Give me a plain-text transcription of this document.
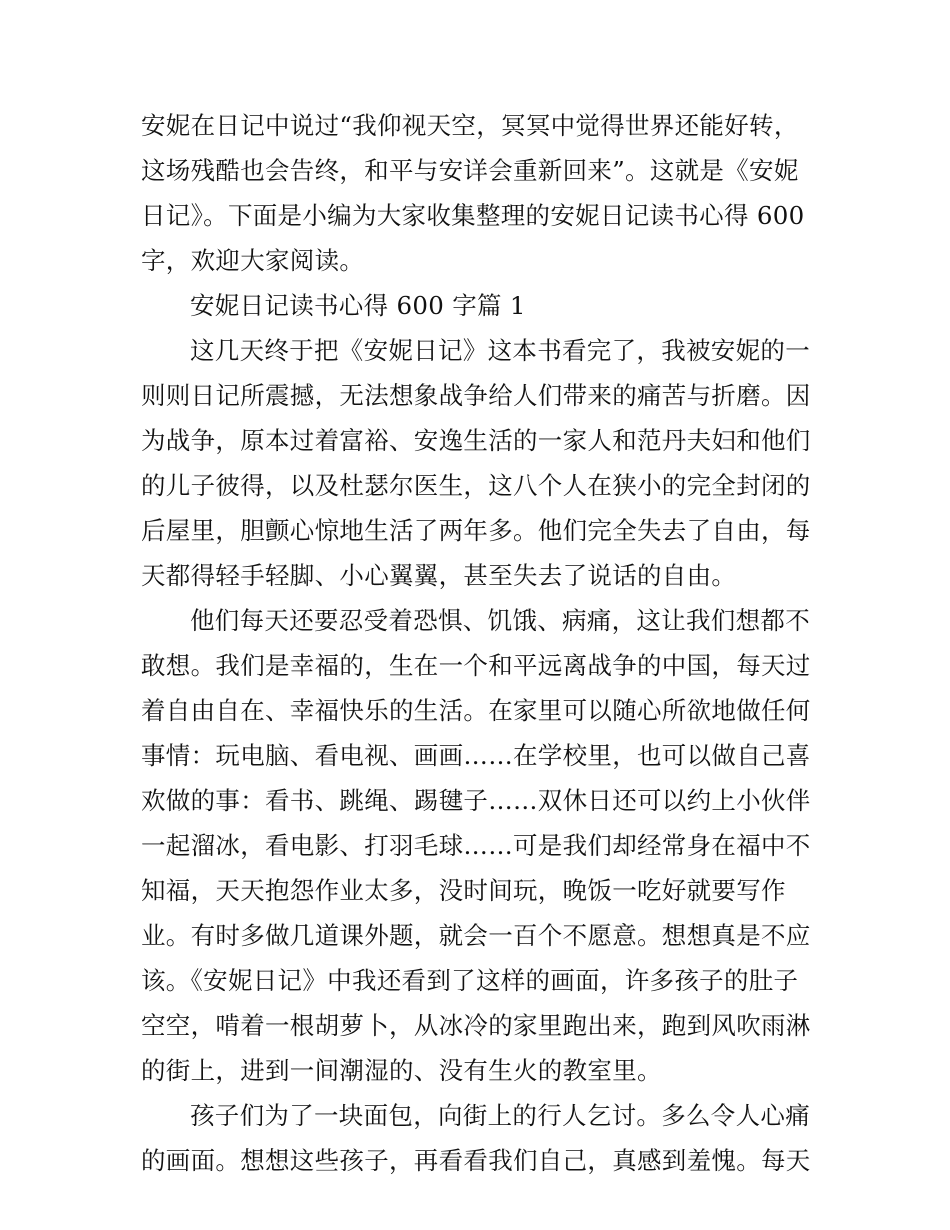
安妮在日记中说过“我仰视天空，冥冥中觉得世界还能好转，

这场残酷也会告终，和平与安详会重新回来”。这就是《安妮

日记》。下面是小编为大家收集整理的安妮日记读书心得 600

字，欢迎大家阅读。

安妮日记读书心得 600 字篇 1

这几天终于把《安妮日记》这本书看完了，我被安妮的一

则则日记所震撼，无法想象战争给人们带来的痛苦与折磨。因

为战争，原本过着富裕、安逸生活的一家人和范丹夫妇和他们

的儿子彼得，以及杜瑟尔医生，这八个人在狭小的完全封闭的

后屋里，胆颤心惊地生活了两年多。他们完全失去了自由，每

天都得轻手轻脚、小心翼翼，甚至失去了说话的自由。

他们每天还要忍受着恐惧、饥饿、病痛，这让我们想都不

敢想。我们是幸福的，生在一个和平远离战争的中国，每天过

着自由自在、幸福快乐的生活。在家里可以随心所欲地做任何

事情：玩电脑、看电视、画画……在学校里，也可以做自己喜

欢做的事：看书、跳绳、踢毽子……双休日还可以约上小伙伴

一起溜冰，看电影、打羽毛球……可是我们却经常身在福中不

知福，天天抱怨作业太多，没时间玩，晚饭一吃好就要写作

业。有时多做几道课外题，就会一百个不愿意。想想真是不应

该。《安妮日记》中我还看到了这样的画面，许多孩子的肚子

空空，啃着一根胡萝卜，从冰冷的家里跑出来，跑到风吹雨淋

的街上，进到一间潮湿的、没有生火的教室里。

孩子们为了一块面包，向街上的行人乞讨。多么令人心痛

的画面。想想这些孩子，再看看我们自己，真感到羞愧。每天
